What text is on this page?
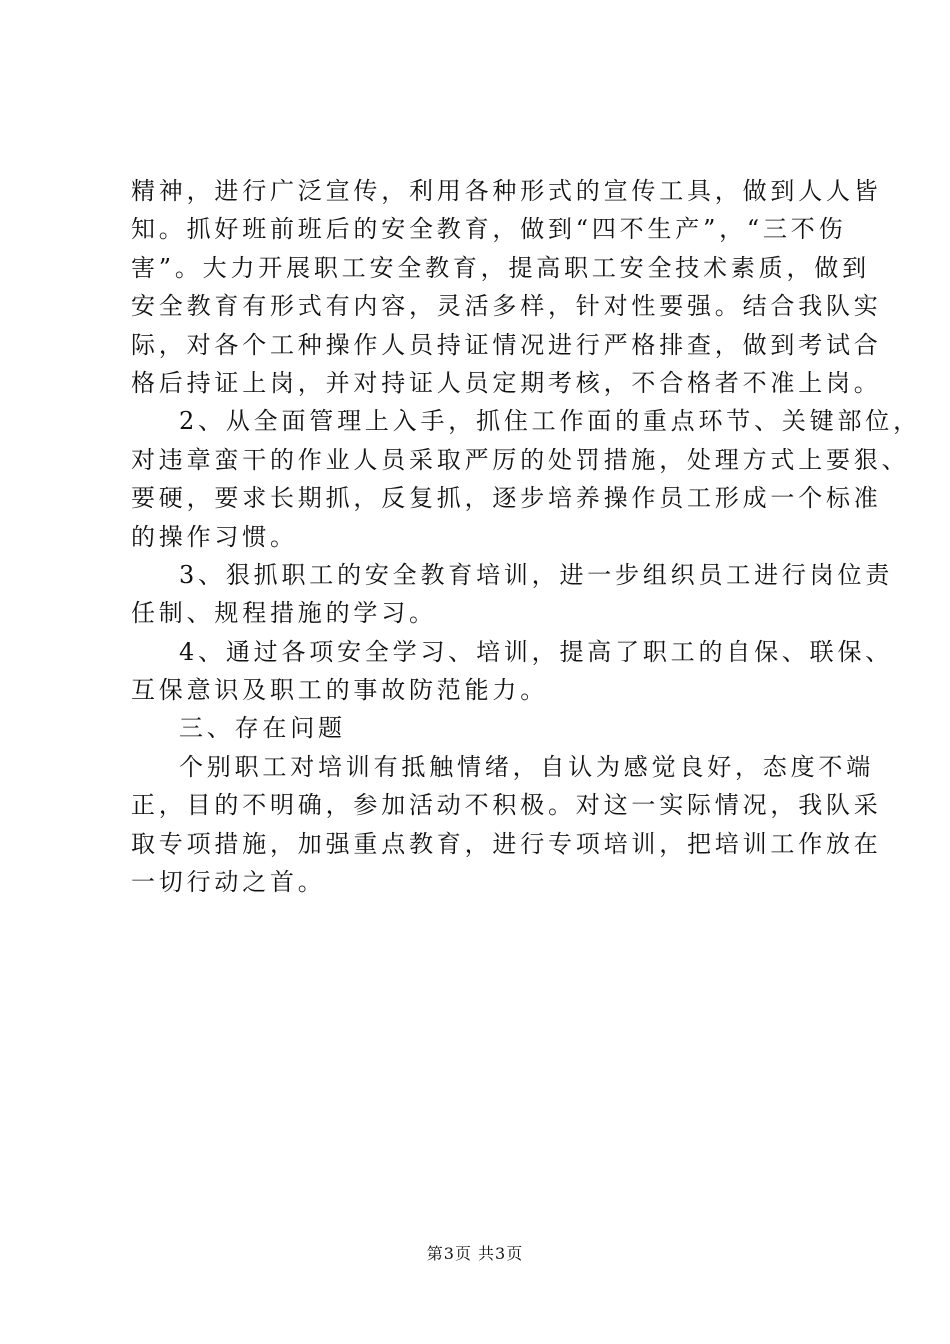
精神，进行广泛宣传，利用各种形式的宣传工具，做到人人皆
知。抓好班前班后的安全教育，做到“四不生产”，“三不伤
害”。大力开展职工安全教育，提高职工安全技术素质，做到
安全教育有形式有内容，灵活多样，针对性要强。结合我队实
际，对各个工种操作人员持证情况进行严格排查，做到考试合
格后持证上岗，并对持证人员定期考核，不合格者不准上岗。
2、从全面管理上入手，抓住工作面的重点环节、关键部位，
对违章蛮干的作业人员采取严厉的处罚措施，处理方式上要狠、
要硬，要求长期抓，反复抓，逐步培养操作员工形成一个标准
的操作习惯。
3、狠抓职工的安全教育培训，进一步组织员工进行岗位责
任制、规程措施的学习。
4、通过各项安全学习、培训，提高了职工的自保、联保、
互保意识及职工的事故防范能力。
三、存在问题
个别职工对培训有抵触情绪，自认为感觉良好，态度不端
正，目的不明确，参加活动不积极。对这一实际情况，我队采
取专项措施，加强重点教育，进行专项培训，把培训工作放在
一切行动之首。
第3页 共3页
